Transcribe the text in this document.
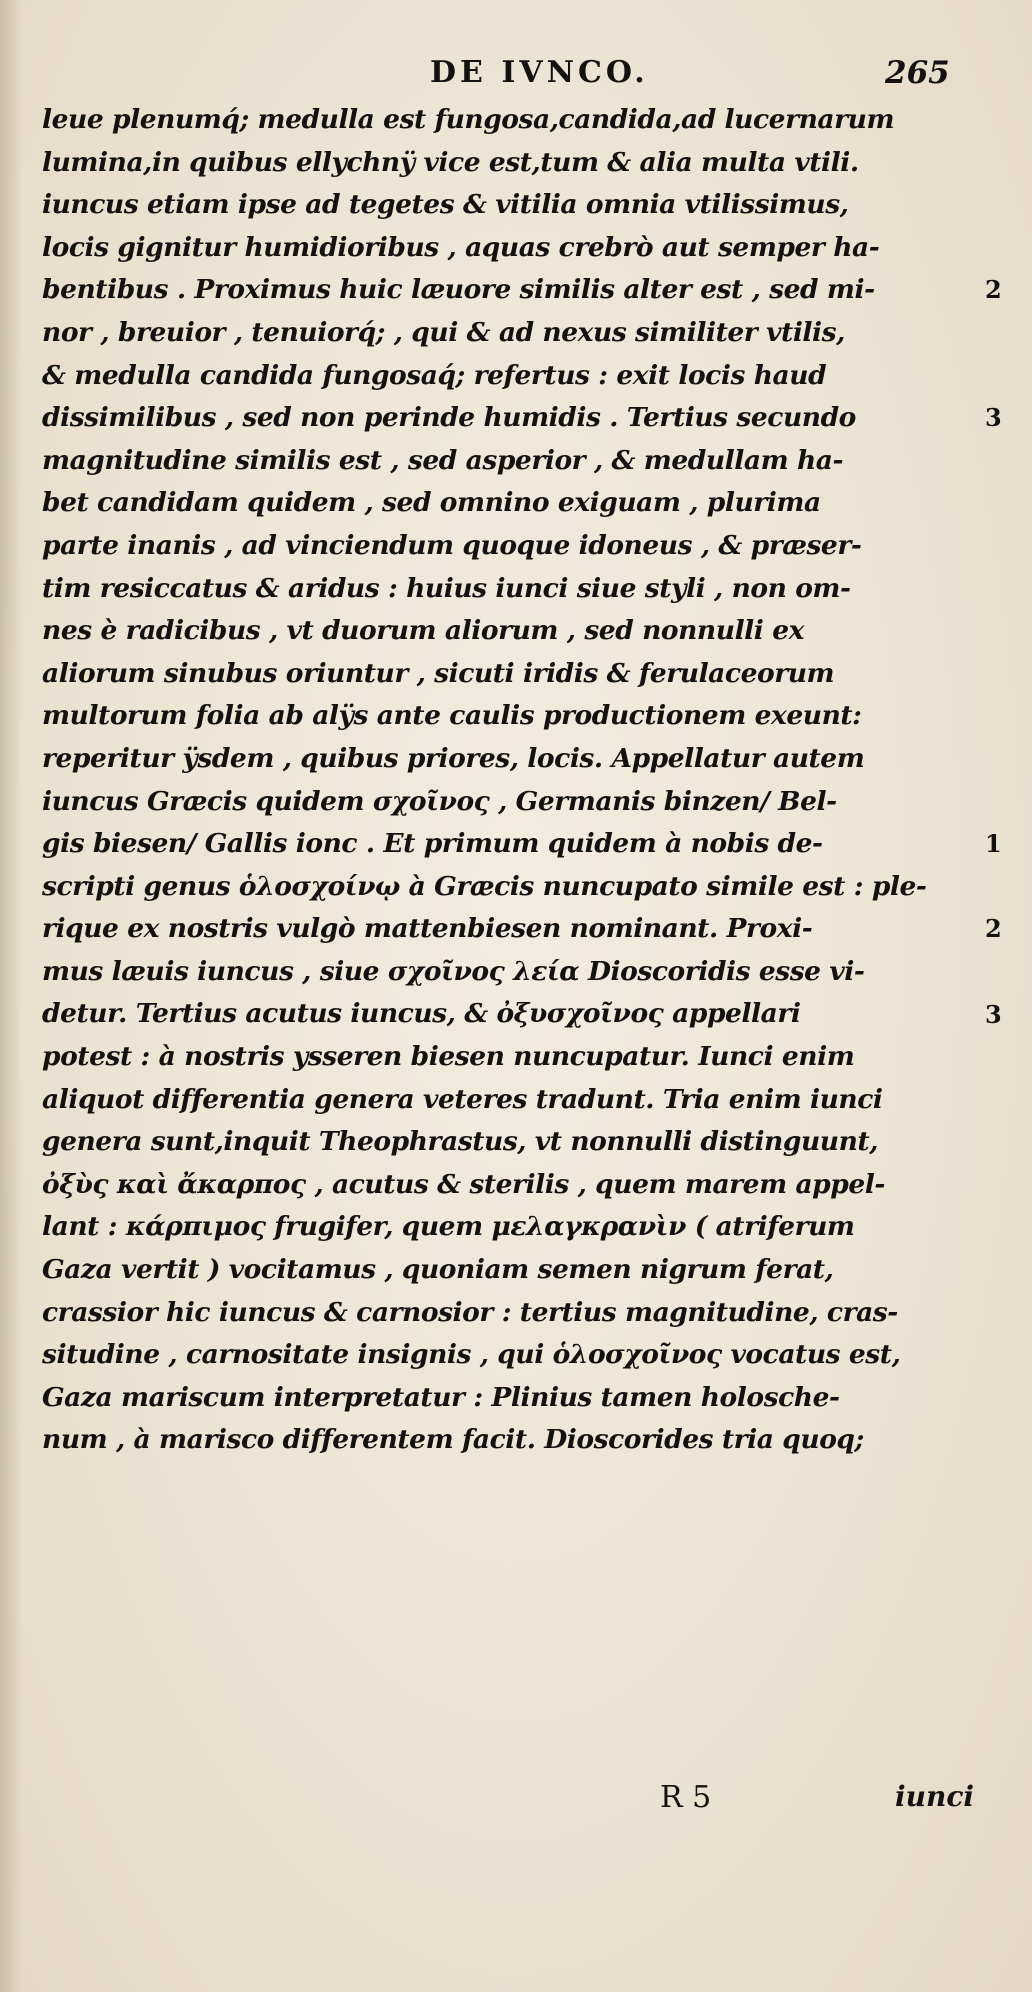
DE IVNCO.	265
leue plenumq́; medulla est fungosa,candida,ad lucernarum
lumina,in quibus ellychnÿ vice est,tum & alia multa vtili.
iuncus etiam ipse ad tegetes & vitilia omnia vtilissimus,
locis gignitur humidioribus , aquas crebrò aut semper ha-
bentibus . Proximus huic læuore similis alter est , sed mi-
nor , breuior , tenuiorq́; , qui & ad nexus similiter vtilis,
& medulla candida fungosaq́; refertus : exit locis haud
dissimilibus , sed non perinde humidis . Tertius secundo
magnitudine similis est , sed asperior , & medullam ha-
bet candidam quidem , sed omnino exiguam , plurima
parte inanis , ad vinciendum quoque idoneus , & præser-
tim resiccatus & aridus : huius iunci siue styli , non om-
nes è radicibus , vt duorum aliorum , sed nonnulli ex
aliorum sinubus oriuntur , sicuti iridis & ferulaceorum
multorum folia ab alÿs ante caulis productionem exeunt:
reperitur ÿsdem , quibus priores, locis. Appellatur autem
iuncus Græcis quidem σχοῖνος , Germanis binzen/ Bel-
gis biesen/ Gallis ionc . Et primum quidem à nobis de-
scripti genus ὁλοσχοίνῳ à Græcis nuncupato simile est : ple-
rique ex nostris vulgò mattenbiesen nominant. Proxi-
mus læuis iuncus , siue σχοῖνος λεία Dioscoridis esse vi-
detur. Tertius acutus iuncus, & ὀξυσχοῖνος appellari
potest : à nostris ysseren biesen nuncupatur. Iunci enim
aliquot differentia genera veteres tradunt. Tria enim iunci
genera sunt,inquit Theophrastus, vt nonnulli distinguunt,
ὀξὺς καὶ ἄκαρπος , acutus & sterilis , quem marem appel-
lant : κάρπιμος frugifer, quem μελαγκρανὶν ( atriferum
Gaza vertit ) vocitamus , quoniam semen nigrum ferat,
crassior hic iuncus & carnosior : tertius magnitudine, cras-
situdine , carnositate insignis , qui ὁλοσχοῖνος vocatus est,
Gaza mariscum interpretatur : Plinius tamen holosche-
num , à marisco differentem facit. Dioscorides tria quoq;
2
3
1
2
3
R 5	iunci
